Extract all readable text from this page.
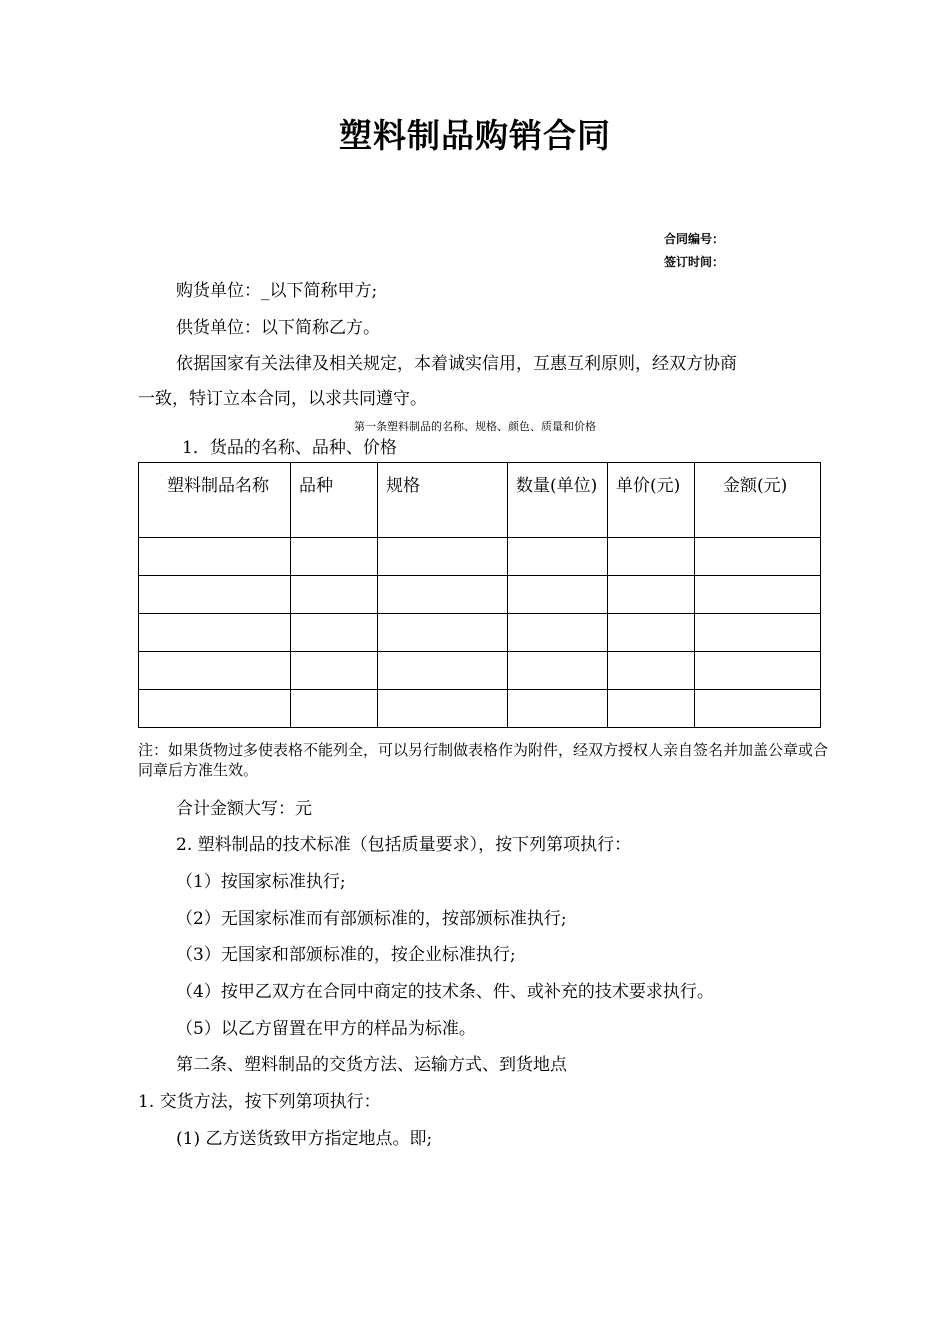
塑料制品购销合同
合同编号：
签订时间：
购货单位：_以下简称甲方;
供货单位：以下简称乙方。
依据国家有关法律及相关规定，本着诚实信用，互惠互利原则，经双方协商
一致，特订立本合同，以求共同遵守。
第一条塑料制品的名称、规格、颜色、质量和价格
1．货品的名称、品种、价格
塑料制品名称	品种	规格	数量(单位)	单价(元)	金额(元)

注：如果货物过多使表格不能列全，可以另行制做表格作为附件，经双方授权人亲自签名并加盖公章或合同章后方准生效。
合计金额大写：元
2. 塑料制品的技术标准（包括质量要求），按下列第项执行：
（1）按国家标准执行;
（2）无国家标准而有部颁标准的，按部颁标准执行;
（3）无国家和部颁标准的，按企业标准执行;
（4）按甲乙双方在合同中商定的技术条、件、或补充的技术要求执行。
（5）以乙方留置在甲方的样品为标准。
第二条、塑料制品的交货方法、运输方式、到货地点
1. 交货方法，按下列第项执行：
(1) 乙方送货致甲方指定地点。即;
